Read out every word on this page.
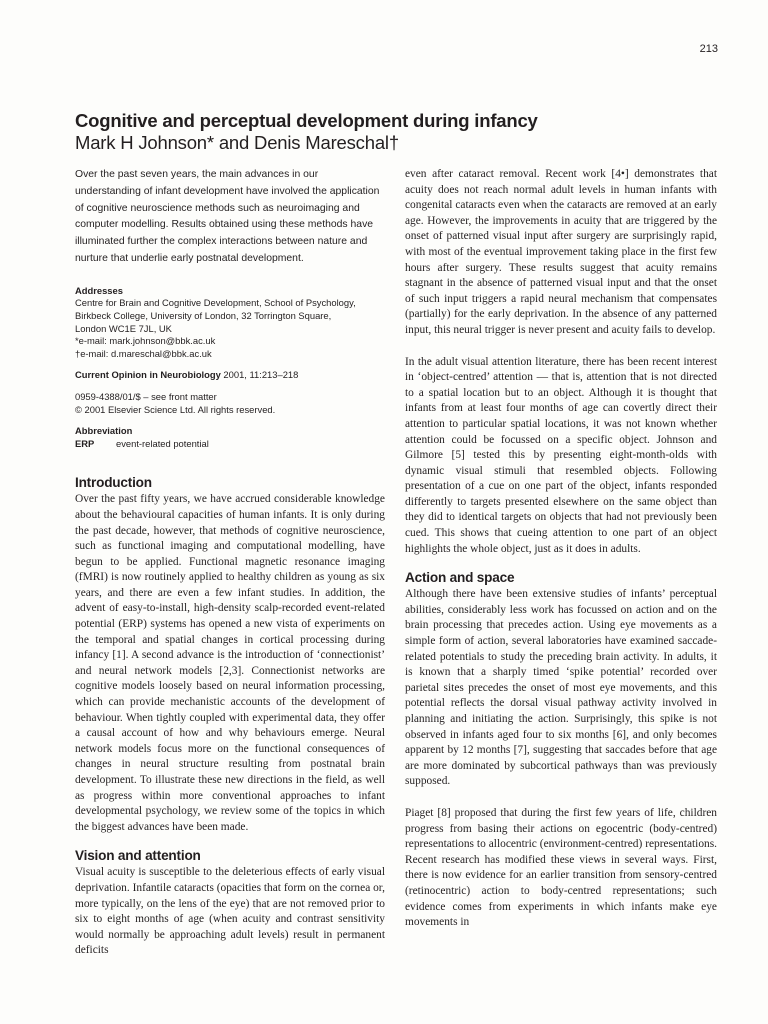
213
Cognitive and perceptual development during infancy

Mark H Johnson* and Denis Mareschal†

Over the past seven years, the main advances in our understanding of infant development have involved the application of cognitive neuroscience methods such as neuroimaging and computer modelling. Results obtained using these methods have illuminated further the complex interactions between nature and nurture that underlie early postnatal development.

Addresses
Centre for Brain and Cognitive Development, School of Psychology,
Birkbeck College, University of London, 32 Torrington Square,
London WC1E 7JL, UK
*e-mail: mark.johnson@bbk.ac.uk
†e-mail: d.mareschal@bbk.ac.uk
Current Opinion in Neurobiology 2001, 11:213–218
0959-4388/01/$ – see front matter
© 2001 Elsevier Science Ltd. All rights reserved.
Abbreviation
ERP	event-related potential
Introduction

Over the past fifty years, we have accrued considerable knowledge about the behavioural capacities of human infants. It is only during the past decade, however, that methods of cognitive neuroscience, such as functional imaging and computational modelling, have begun to be applied. Functional magnetic resonance imaging (fMRI) is now routinely applied to healthy children as young as six years, and there are even a few infant studies. In addition, the advent of easy-to-install, high-density scalp-recorded event-related potential (ERP) systems has opened a new vista of experiments on the temporal and spatial changes in cortical processing during infancy [1]. A second advance is the introduction of ‘connectionist’ and neural network models [2,3]. Connectionist networks are cognitive models loosely based on neural information processing, which can provide mechanistic accounts of the development of behaviour. When tightly coupled with experimental data, they offer a causal account of how and why behaviours emerge. Neural network models focus more on the functional consequences of changes in neural structure resulting from postnatal brain development. To illustrate these new directions in the field, as well as progress within more conventional approaches to infant developmental psychology, we review some of the topics in which the biggest advances have been made.

Vision and attention

Visual acuity is susceptible to the deleterious effects of early visual deprivation. Infantile cataracts (opacities that form on the cornea or, more typically, on the lens of the eye) that are not removed prior to six to eight months of age (when acuity and contrast sensitivity would normally be approaching adult levels) result in permanent deficits

even after cataract removal. Recent work [4•] demonstrates that acuity does not reach normal adult levels in human infants with congenital cataracts even when the cataracts are removed at an early age. However, the improvements in acuity that are triggered by the onset of patterned visual input after surgery are surprisingly rapid, with most of the eventual improvement taking place in the first few hours after surgery. These results suggest that acuity remains stagnant in the absence of patterned visual input and that the onset of such input triggers a rapid neural mechanism that compensates (partially) for the early deprivation. In the absence of any patterned input, this neural trigger is never present and acuity fails to develop.

In the adult visual attention literature, there has been recent interest in ‘object-centred’ attention — that is, attention that is not directed to a spatial location but to an object. Although it is thought that infants from at least four months of age can covertly direct their attention to particular spatial locations, it was not known whether attention could be focussed on a specific object. Johnson and Gilmore [5] tested this by presenting eight-month-olds with dynamic visual stimuli that resembled objects. Following presentation of a cue on one part of the object, infants responded differently to targets presented elsewhere on the same object than they did to identical targets on objects that had not previously been cued. This shows that cueing attention to one part of an object highlights the whole object, just as it does in adults.

Action and space

Although there have been extensive studies of infants’ perceptual abilities, considerably less work has focussed on action and on the brain processing that precedes action. Using eye movements as a simple form of action, several laboratories have examined saccade-related potentials to study the preceding brain activity. In adults, it is known that a sharply timed ‘spike potential’ recorded over parietal sites precedes the onset of most eye movements, and this potential reflects the dorsal visual pathway activity involved in planning and initiating the action. Surprisingly, this spike is not observed in infants aged four to six months [6], and only becomes apparent by 12 months [7], suggesting that saccades before that age are more dominated by subcortical pathways than was previously supposed.

Piaget [8] proposed that during the first few years of life, children progress from basing their actions on egocentric (body-centred) representations to allocentric (environment-centred) representations. Recent research has modified these views in several ways. First, there is now evidence for an earlier transition from sensory-centred (retinocentric) action to body-centred representations; such evidence comes from experiments in which infants make eye movements in
